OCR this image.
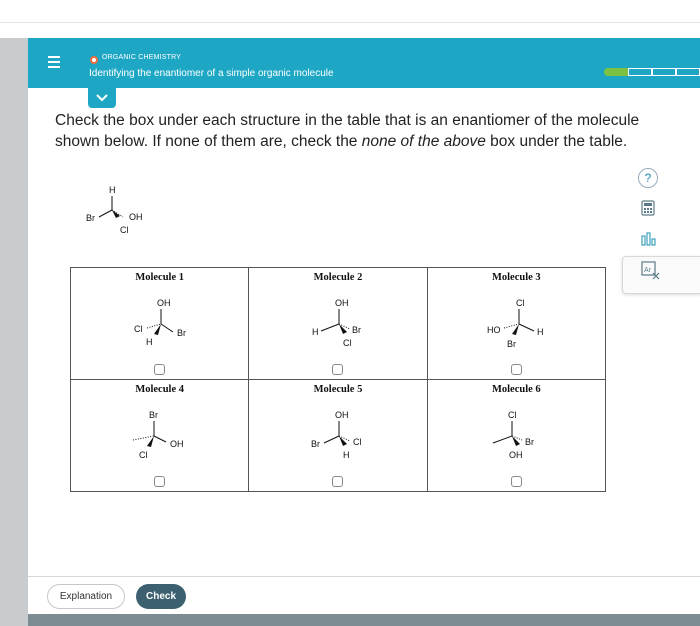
ORGANIC CHEMISTRY
Identifying the enantiomer of a simple organic molecule

Check the box under each structure in the table that is an enantiomer of the molecule shown below. If none of them are, check the none of the above box under the table.

H
Br	OH
Cl
?
Ar
Molecule 1
OH
Cl Br
H	Molecule 2
OH
H Br
Cl	Molecule 3
Cl
HO H
Br

Molecule 4
Br
OH
Cl	Molecule 5
OH
Br Cl
H	Molecule 6
Cl
Br
OH
Explanation	Check
